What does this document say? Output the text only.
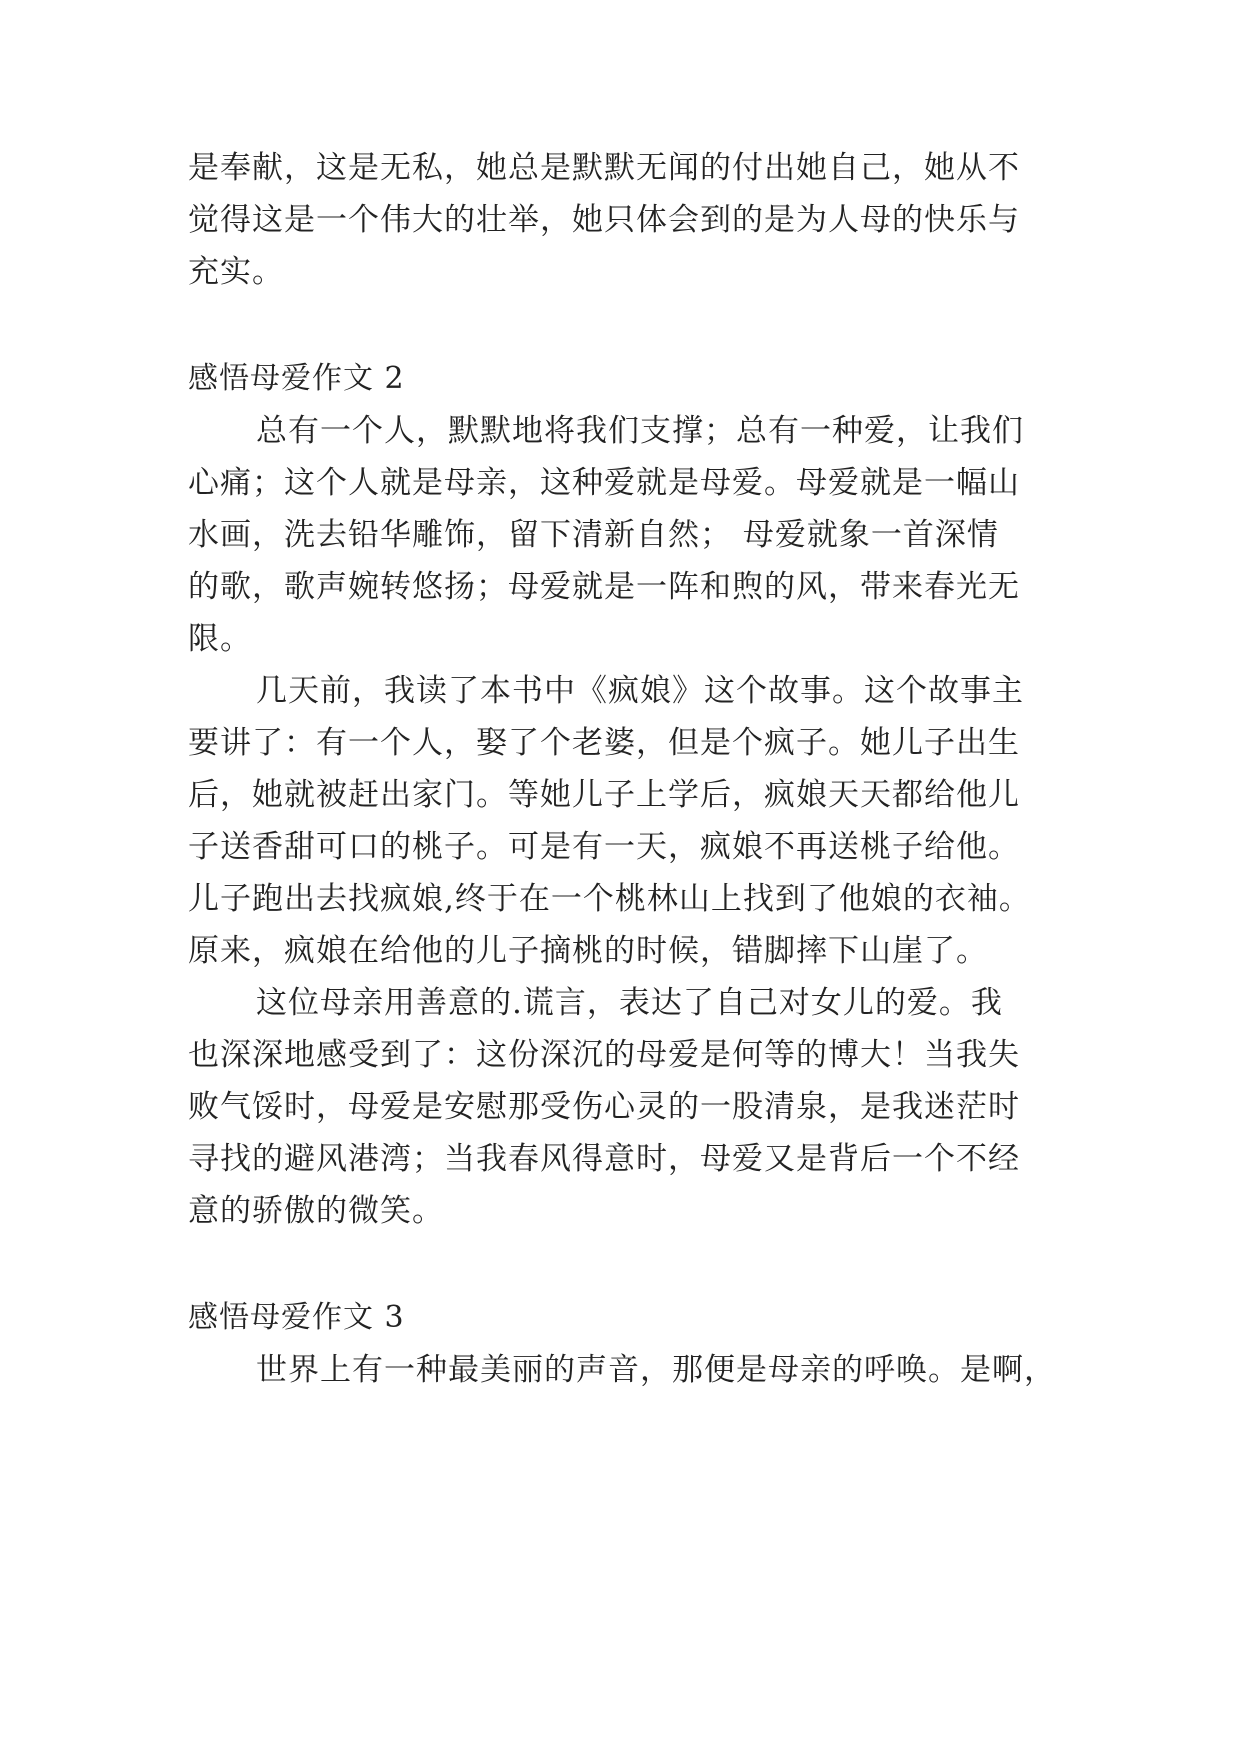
是奉献，这是无私，她总是默默无闻的付出她自己，她从不
觉得这是一个伟大的壮举，她只体会到的是为人母的快乐与
充实。
感悟母爱作文 2
总有一个人，默默地将我们支撑；总有一种爱，让我们
心痛；这个人就是母亲，这种爱就是母爱。母爱就是一幅山
水画，洗去铅华雕饰，留下清新自然； 母爱就象一首深情
的歌，歌声婉转悠扬；母爱就是一阵和煦的风，带来春光无
限。
几天前，我读了本书中《疯娘》这个故事。这个故事主
要讲了：有一个人，娶了个老婆，但是个疯子。她儿子出生
后，她就被赶出家门。等她儿子上学后，疯娘天天都给他儿
子送香甜可口的桃子。可是有一天，疯娘不再送桃子给他。
儿子跑出去找疯娘,终于在一个桃林山上找到了他娘的衣袖。
原来，疯娘在给他的儿子摘桃的时候，错脚摔下山崖了。
这位母亲用善意的.谎言，表达了自己对女儿的爱。我
也深深地感受到了：这份深沉的母爱是何等的博大！当我失
败气馁时，母爱是安慰那受伤心灵的一股清泉，是我迷茫时
寻找的避风港湾；当我春风得意时，母爱又是背后一个不经
意的骄傲的微笑。
感悟母爱作文 3
世界上有一种最美丽的声音，那便是母亲的呼唤。是啊，
